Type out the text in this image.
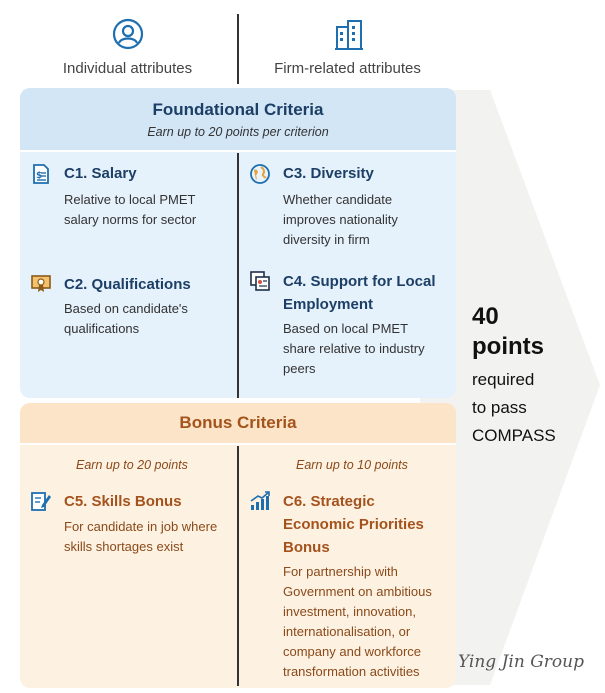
Individual attributes	Firm-related attributes
Foundational Criteria
Earn up to 20 points per criterion
$ C1. Salary
Relative to local PMET
salary norms for sector
C3. Diversity
Whether candidate
improves nationality
diversity in firm
C2. Qualifications
Based on candidate's
qualifications
C4. Support for Local
Employment
Based on local PMET
share relative to industry
peers
Bonus Criteria
Earn up to 20 points	Earn up to 10 points
C5. Skills Bonus
For candidate in job where
skills shortages exist
C6. Strategic
Economic Priorities
Bonus
For partnership with
Government on ambitious
investment, innovation,
internationalisation, or
company and workforce
transformation activities
40
points
required
to pass
COMPASS
Ying Jin Group
